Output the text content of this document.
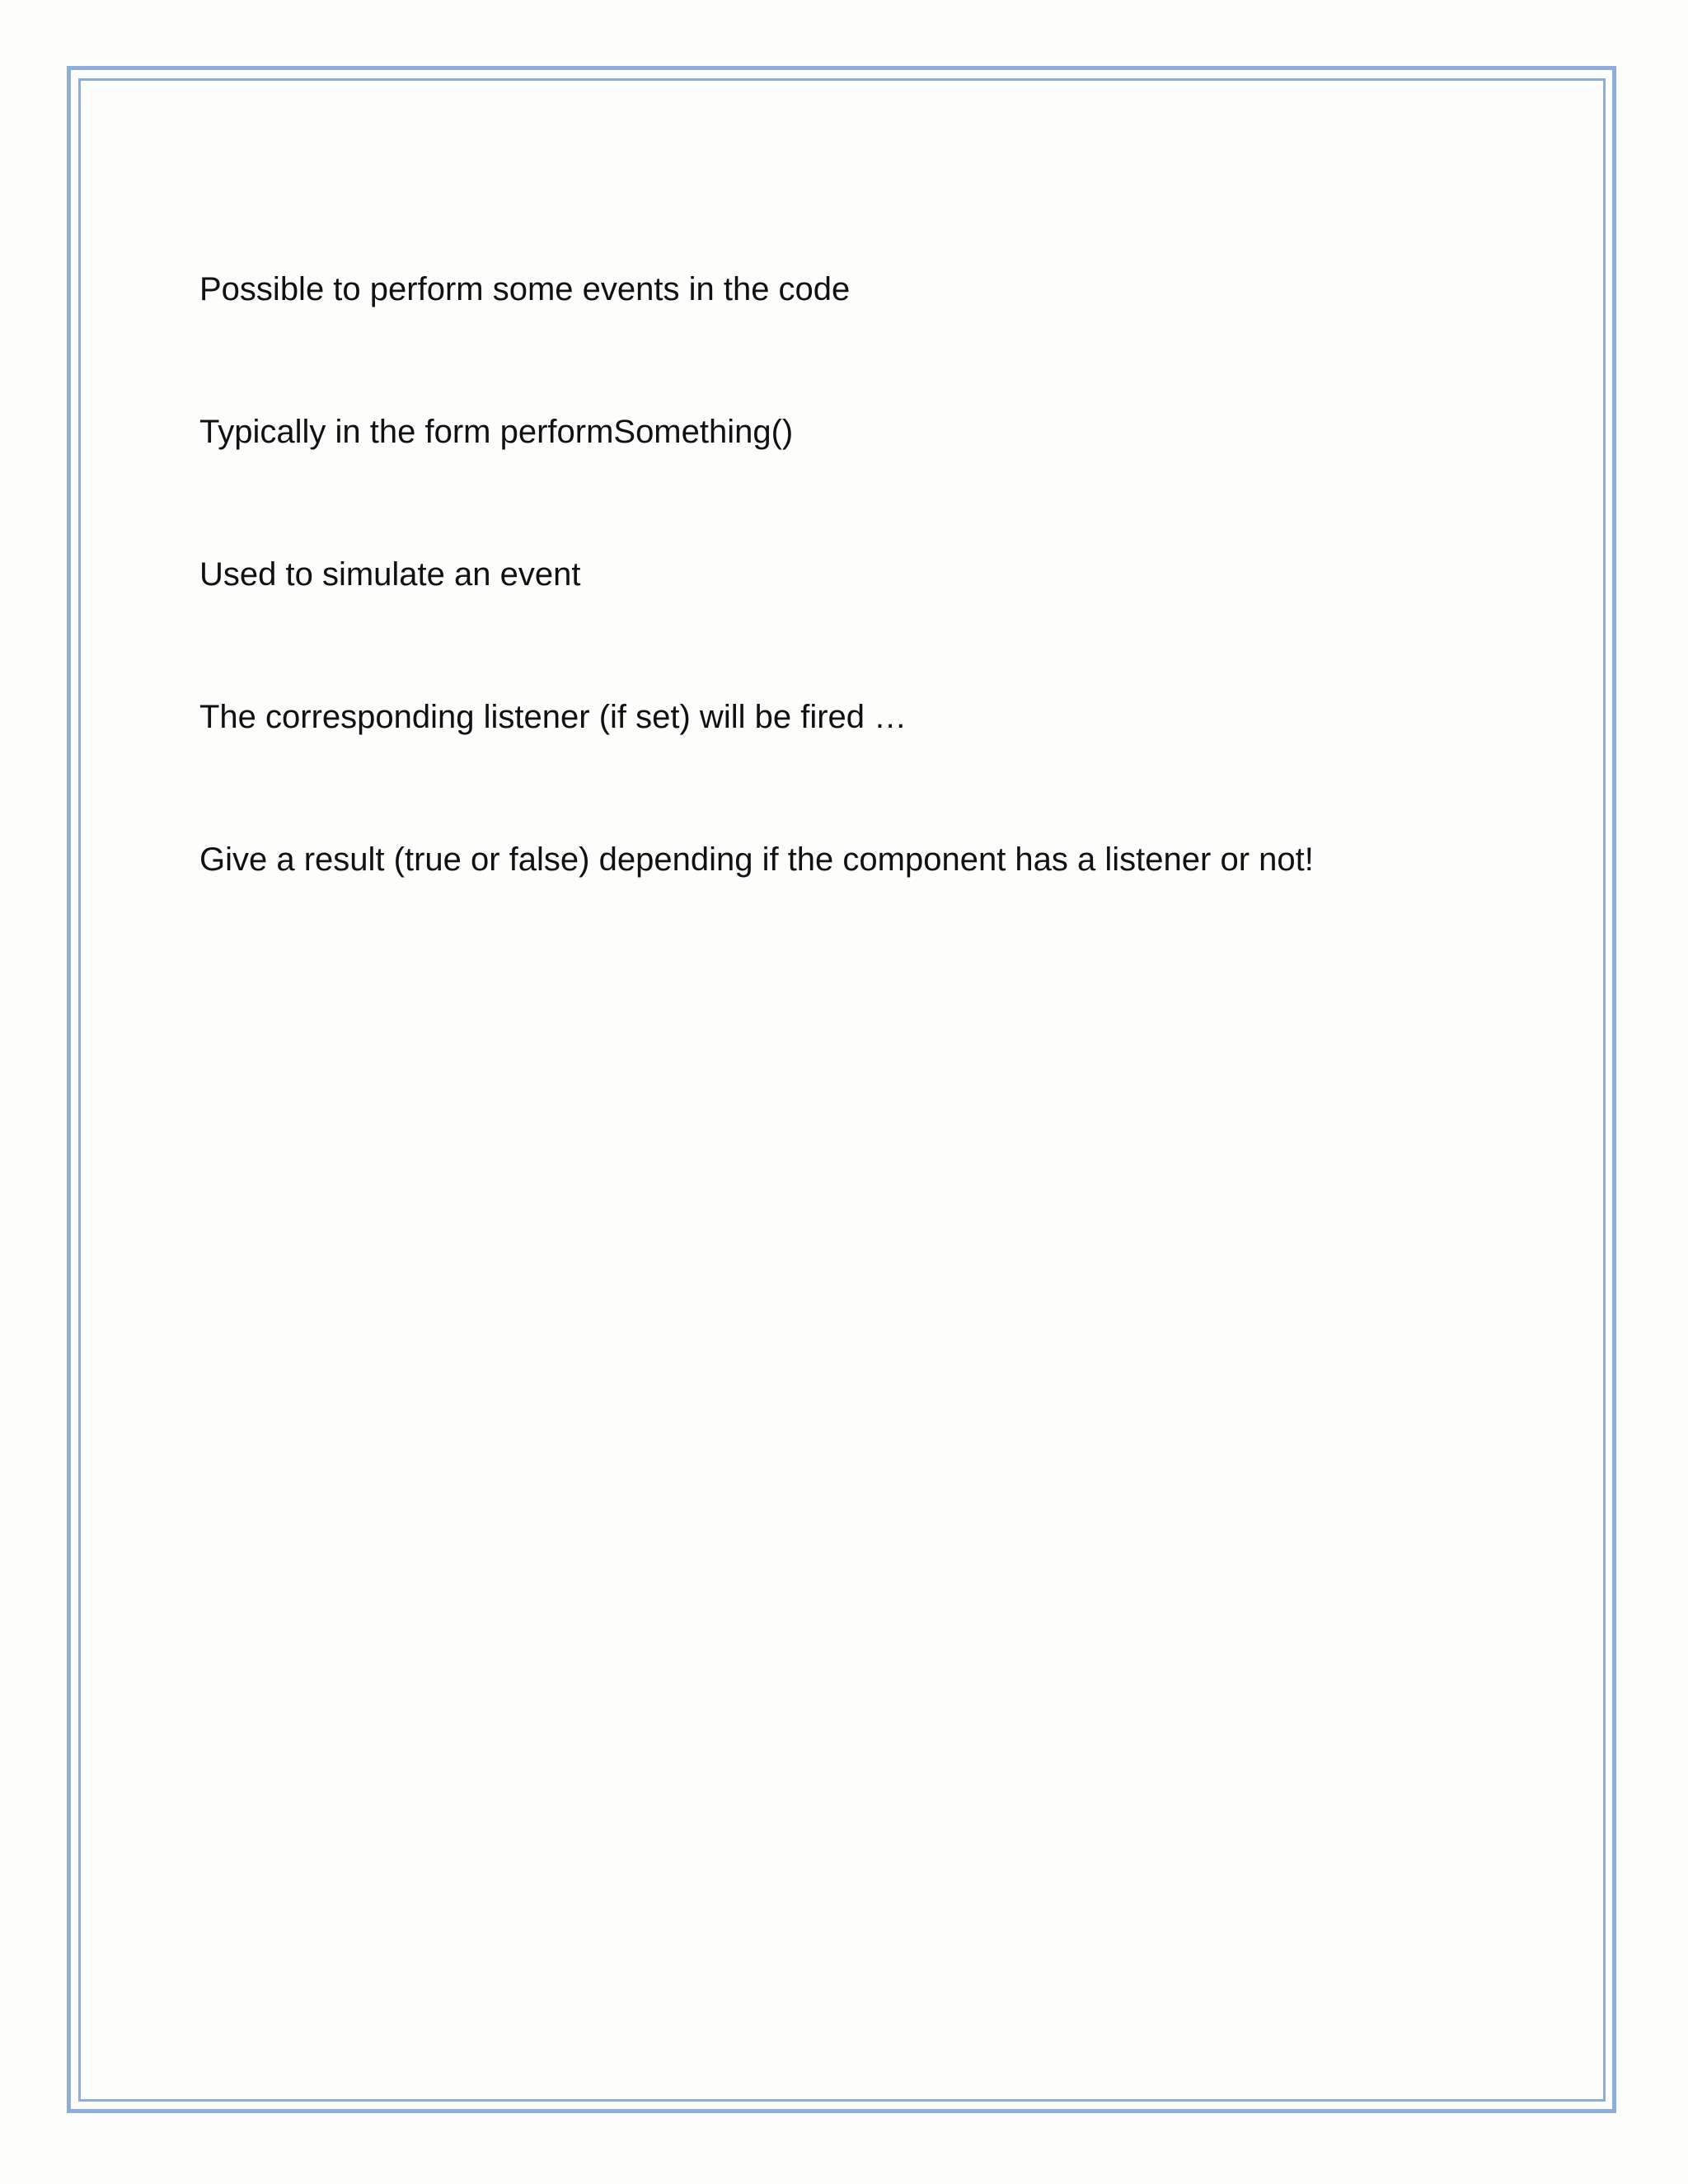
Possible to perform some events in the code

Typically in the form performSomething()

Used to simulate an event

The corresponding listener (if set) will be fired …

Give a result (true or false) depending if the component has a listener or not!
